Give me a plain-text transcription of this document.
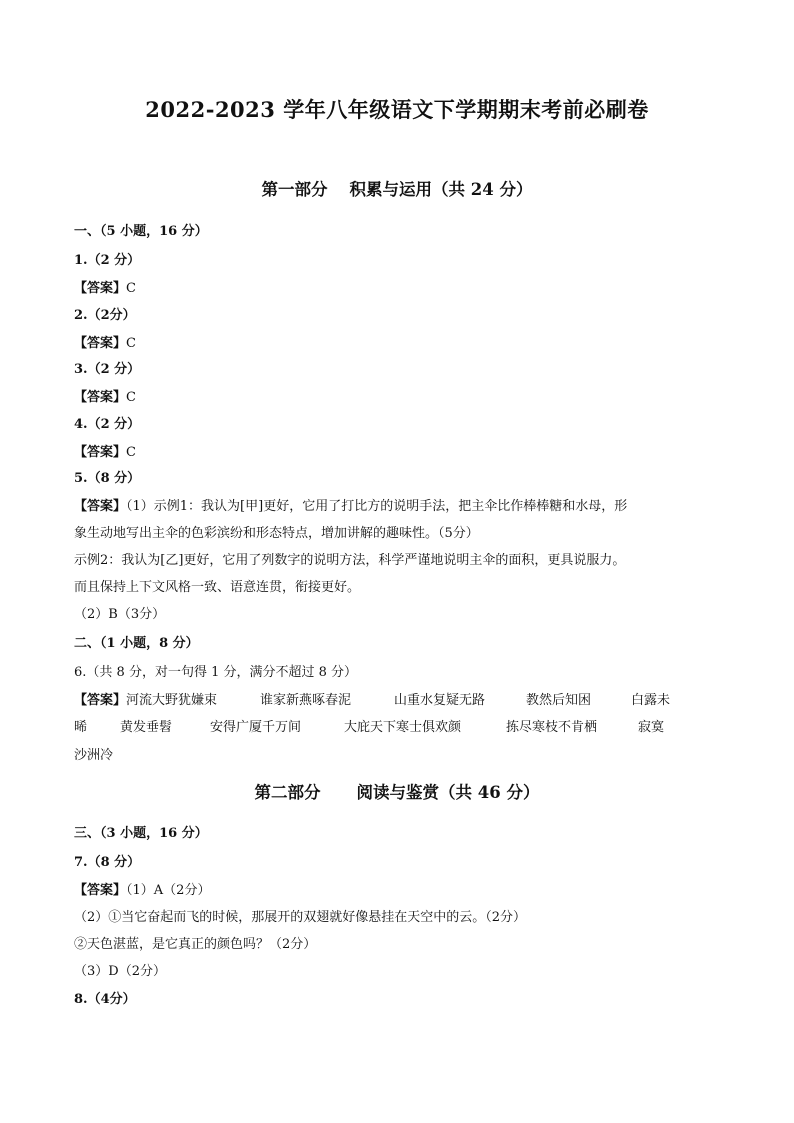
2022-2023 学年八年级语文下学期期末考前必刷卷
第一部分 积累与运用（共 24 分）
一、（5 小题，16 分）
1.（2 分）
【答案】C
2.（2分）
【答案】C
3.（2 分）
【答案】C
4.（2 分）
【答案】C
5.（8 分）
【答案】（1）示例1：我认为[甲]更好，它用了打比方的说明手法，把主伞比作棒棒糖和水母，形
象生动地写出主伞的色彩滨纷和形态特点，增加讲解的趣味性。（5分）
示例2：我认为[乙]更好，它用了列数字的说明方法，科学严谨地说明主伞的面积，更具说服力。
而且保持上下文风格一致、语意连贯，衔接更好。
（2）B（3分）
二、（1 小题，8 分）
6.（共 8 分，对一句得 1 分，满分不超过 8 分）
【答案】 河流大野犹嫌束	谁家新燕啄春泥	山重水复疑无路	教然后知困	白露未
晞	黄发垂髫	安得广厦千万间	大庇天下寒士俱欢颜	拣尽寒枝不肯栖	寂寞
沙洲冷
第二部分 阅读与鉴赏（共 46 分）
三、（3 小题，16 分）
7.（8 分）
【答案】（1）A（2分）
（2）①当它奋起而飞的时候，那展开的双翅就好像悬挂在天空中的云。（2分）
②天色湛蓝，是它真正的颜色吗？（2分）
（3）D（2分）
8.（4分）
